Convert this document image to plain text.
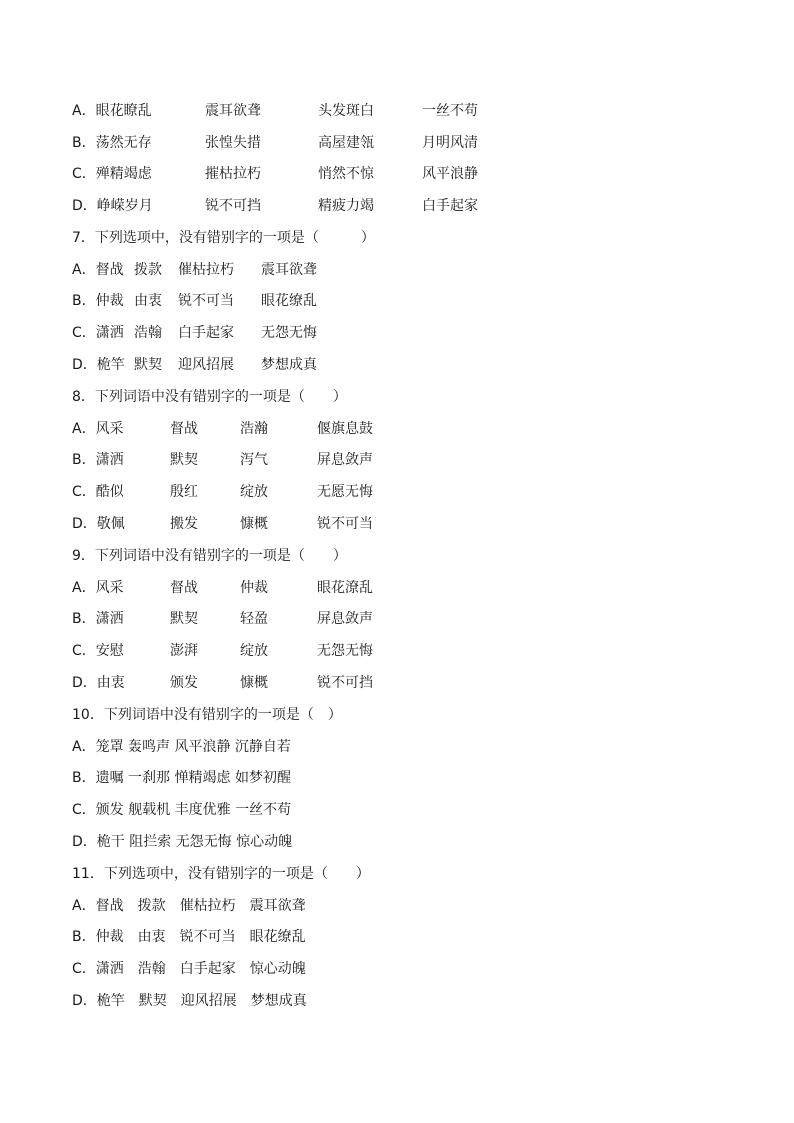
A．眼花瞭乱	震耳欲聋	头发斑白	一丝不苟
B．荡然无存	张惶失措	高屋建瓴	月明风清
C．殚精竭虑	摧枯拉朽	悄然不惊	风平浪静
D．峥嵘岁月	锐不可挡	精疲力竭	白手起家
7．下列选项中，没有错别字的一项是（　　　）
A．督战 拨款 催枯拉朽 震耳欲聋
B．仲裁 由衷 锐不可当 眼花缭乱
C．潇洒 浩翰 白手起家 无怨无悔
D．桅竿 默契 迎风招展 梦想成真
8．下列词语中没有错别字的一项是（　　）
A．风采	督战	浩瀚	偃旗息鼓
B．潇洒	默契	泻气	屏息敛声
C．酷似	殷红	绽放	无愿无悔
D．敬佩	搬发	慷概	锐不可当
9．下列词语中没有错别字的一项是（　　）
A．风采	督战	仲裁	眼花潦乱
B．潇洒	默契	轻盈	屏息敛声
C．安慰	澎湃	绽放	无怨无悔
D．由衷	颁发	慷概	锐不可挡
10．下列词语中没有错别字的一项是（　）
A．笼罩 轰鸣声 风平浪静 沉静自若
B．遗嘱 一刹那 惮精竭虑 如梦初醒
C．颁发 舰载机 丰度优雅 一丝不苟
D．桅干 阻拦索 无怨无悔 惊心动魄
11．下列选项中，没有错别字的一项是（　　）
A．督战　拨款　催枯拉朽　震耳欲聋
B．仲裁　由衷　锐不可当　眼花缭乱
C．潇洒　浩翰　白手起家　惊心动魄
D．桅竿　默契　迎风招展　梦想成真
